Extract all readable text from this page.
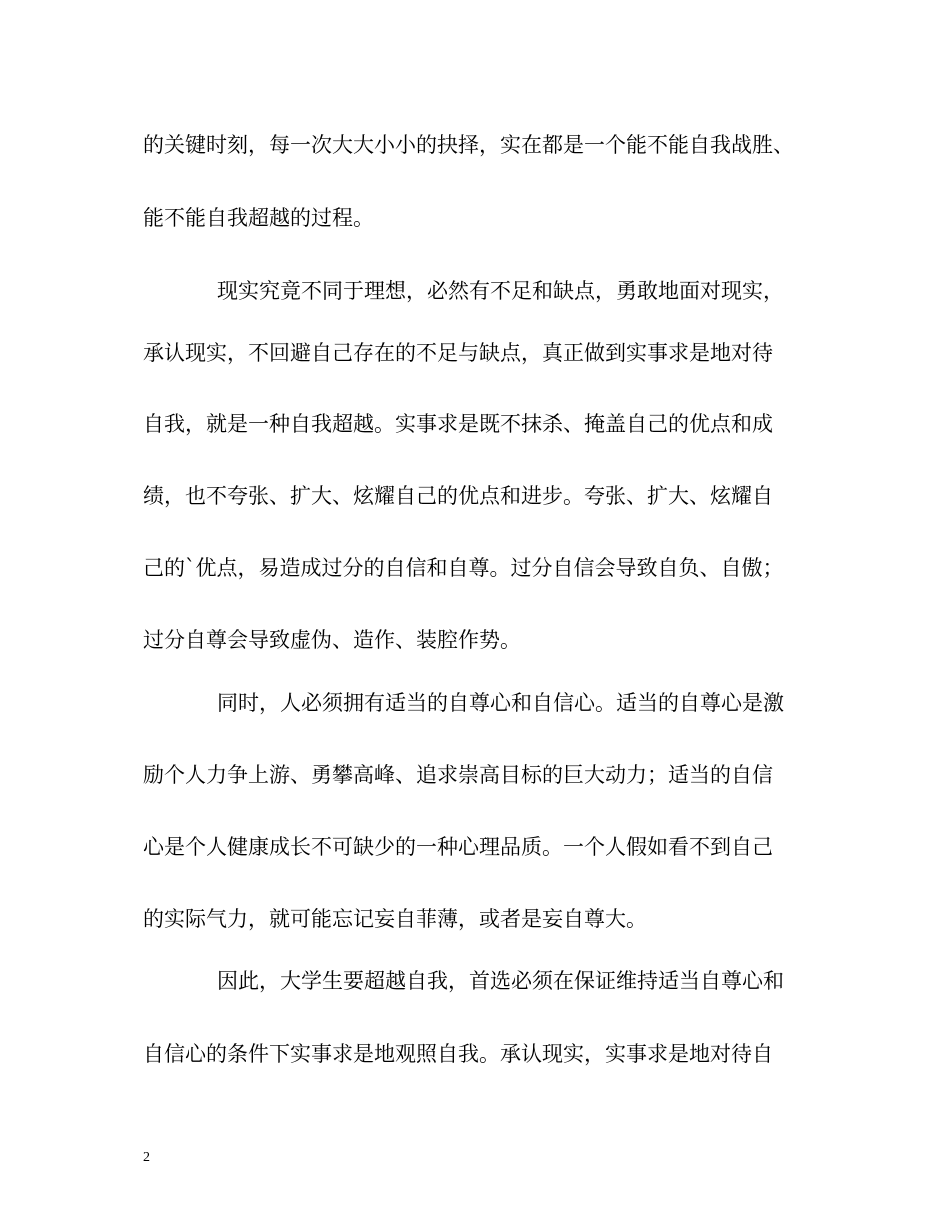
的关键时刻，每一次大大小小的抉择，实在都是一个能不能自我战胜、

能不能自我超越的过程。

现实究竟不同于理想，必然有不足和缺点，勇敢地面对现实，

承认现实，不回避自己存在的不足与缺点，真正做到实事求是地对待

自我，就是一种自我超越。实事求是既不抹杀、掩盖自己的优点和成

绩，也不夸张、扩大、炫耀自己的优点和进步。夸张、扩大、炫耀自

己的`优点，易造成过分的自信和自尊。过分自信会导致自负、自傲；

过分自尊会导致虚伪、造作、装腔作势。

同时，人必须拥有适当的自尊心和自信心。适当的自尊心是激

励个人力争上游、勇攀高峰、追求崇高目标的巨大动力；适当的自信

心是个人健康成长不可缺少的一种心理品质。一个人假如看不到自己

的实际气力，就可能忘记妄自菲薄，或者是妄自尊大。

因此，大学生要超越自我，首选必须在保证维持适当自尊心和

自信心的条件下实事求是地观照自我。承认现实，实事求是地对待自

2
